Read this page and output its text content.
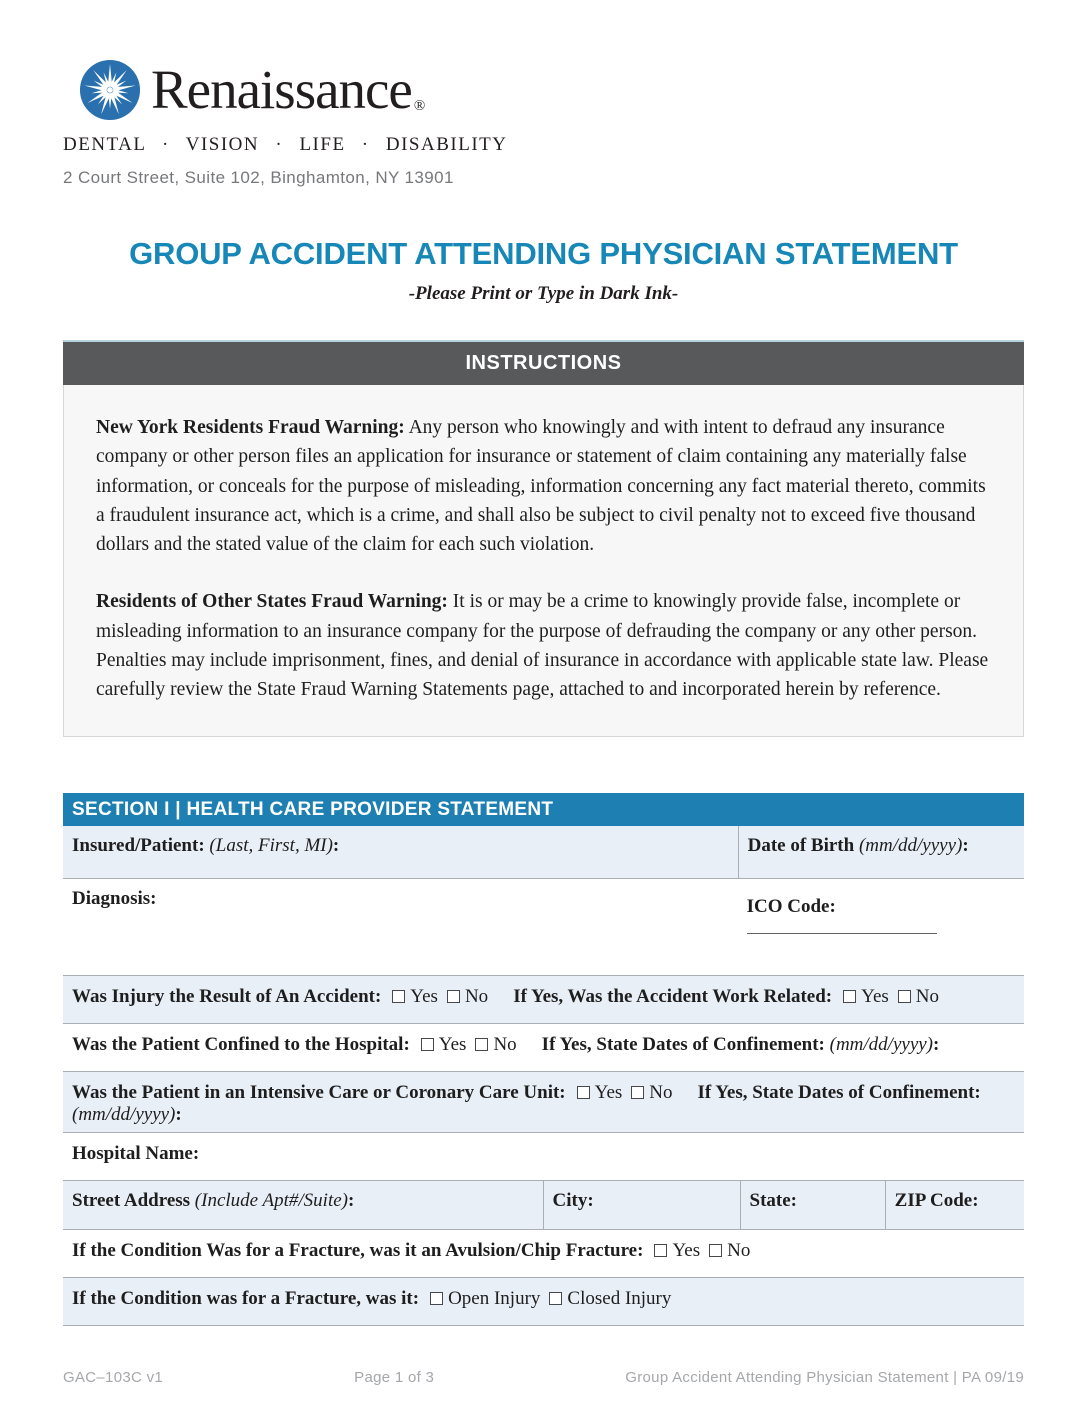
Renaissance ®
DENTAL · VISION · LIFE · DISABILITY
2 Court Street, Suite 102, Binghamton, NY 13901
GROUP ACCIDENT ATTENDING PHYSICIAN STATEMENT
-Please Print or Type in Dark Ink-
INSTRUCTIONS

New York Residents Fraud Warning: Any person who knowingly and with intent to defraud any insurance company or other person files an application for insurance or statement of claim containing any materially false information, or conceals for the purpose of misleading, information concerning any fact material thereto, commits a fraudulent insurance act, which is a crime, and shall also be subject to civil penalty not to exceed five thousand dollars and the stated value of the claim for each such violation.

Residents of Other States Fraud Warning: It is or may be a crime to knowingly provide false, incomplete or misleading information to an insurance company for the purpose of defrauding the company or any other person. Penalties may include imprisonment, fines, and denial of insurance in accordance with applicable state law. Please carefully review the State Fraud Warning Statements page, attached to and incorporated herein by reference.

SECTION I | HEALTH CARE PROVIDER STATEMENT
Insured/Patient: (Last, First, MI):	Date of Birth (mm/dd/yyyy):
Diagnosis:	ICO Code:
Was Injury the Result of An Accident: Yes No If Yes, Was the Accident Work Related: Yes No
Was the Patient Confined to the Hospital: Yes No If Yes, State Dates of Confinement: (mm/dd/yyyy):
Was the Patient in an Intensive Care or Coronary Care Unit: Yes No If Yes, State Dates of Confinement: (mm/dd/yyyy):
Hospital Name:
Street Address (Include Apt#/Suite):	City:	State:	ZIP Code:
If the Condition Was for a Fracture, was it an Avulsion/Chip Fracture: Yes No
If the Condition was for a Fracture, was it: Open Injury Closed Injury
GAC–103C v1	Page 1 of 3	Group Accident Attending Physician Statement | PA 09/19
